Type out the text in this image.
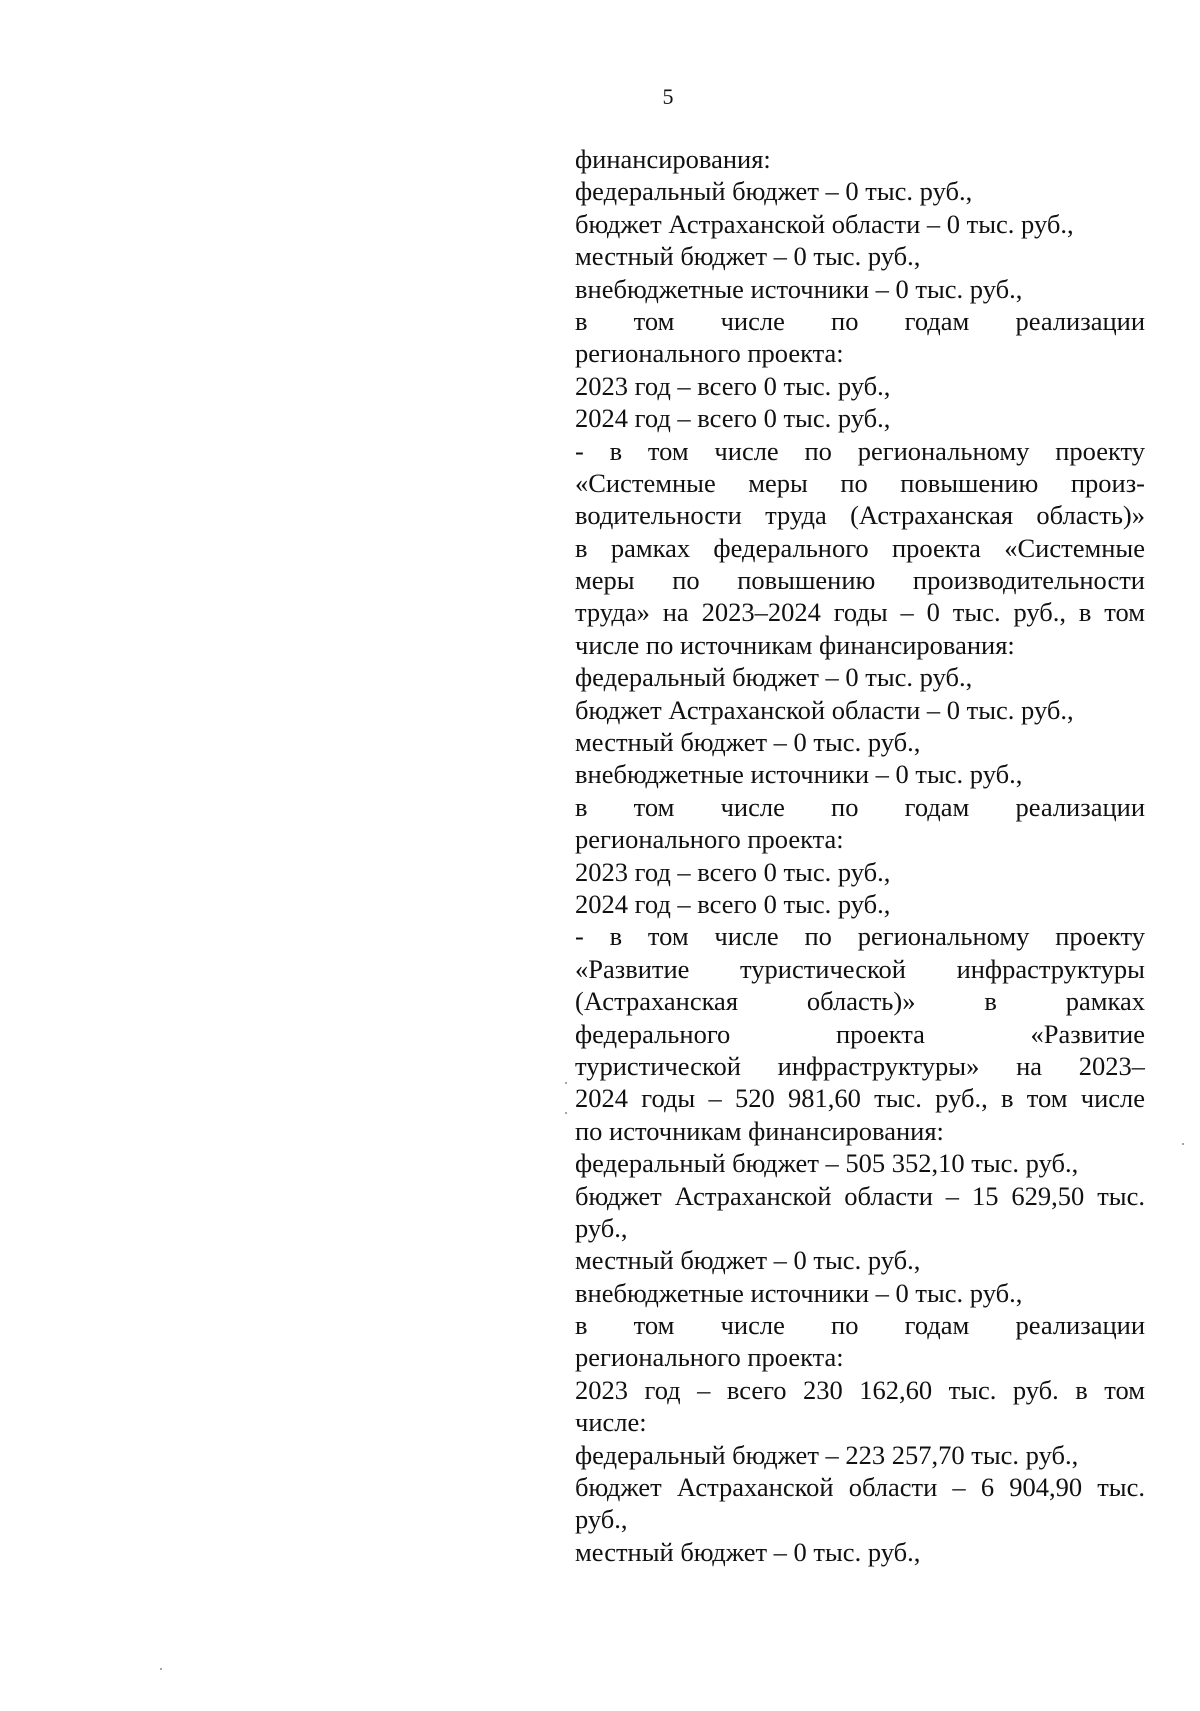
5
финансирования:
федеральный бюджет – 0 тыс. руб.,
бюджет Астраханской области – 0 тыс. руб.,
местный бюджет – 0 тыс. руб.,
внебюджетные источники – 0 тыс. руб.,
в том числе по годам реализации
регионального проекта:
2023 год – всего 0 тыс. руб.,
2024 год – всего 0 тыс. руб.,
- в том числе по региональному проекту
«Системные меры по повышению произ-
водительности труда (Астраханская область)»
в рамках федерального проекта «Системные
меры по повышению производительности
труда» на 2023–2024 годы – 0 тыс. руб., в том
числе по источникам финансирования:
федеральный бюджет – 0 тыс. руб.,
бюджет Астраханской области – 0 тыс. руб.,
местный бюджет – 0 тыс. руб.,
внебюджетные источники – 0 тыс. руб.,
в том числе по годам реализации
регионального проекта:
2023 год – всего 0 тыс. руб.,
2024 год – всего 0 тыс. руб.,
- в том числе по региональному проекту
«Развитие туристической инфраструктуры
(Астраханская область)» в рамках
федерального проекта «Развитие
туристической инфраструктуры» на 2023–
2024 годы – 520 981,60 тыс. руб., в том числе
по источникам финансирования:
федеральный бюджет – 505 352,10 тыс. руб.,
бюджет Астраханской области – 15 629,50 тыс.
руб.,
местный бюджет – 0 тыс. руб.,
внебюджетные источники – 0 тыс. руб.,
в том числе по годам реализации
регионального проекта:
2023 год – всего 230 162,60 тыс. руб. в том
числе:
федеральный бюджет – 223 257,70 тыс. руб.,
бюджет Астраханской области – 6 904,90 тыс.
руб.,
местный бюджет – 0 тыс. руб.,
